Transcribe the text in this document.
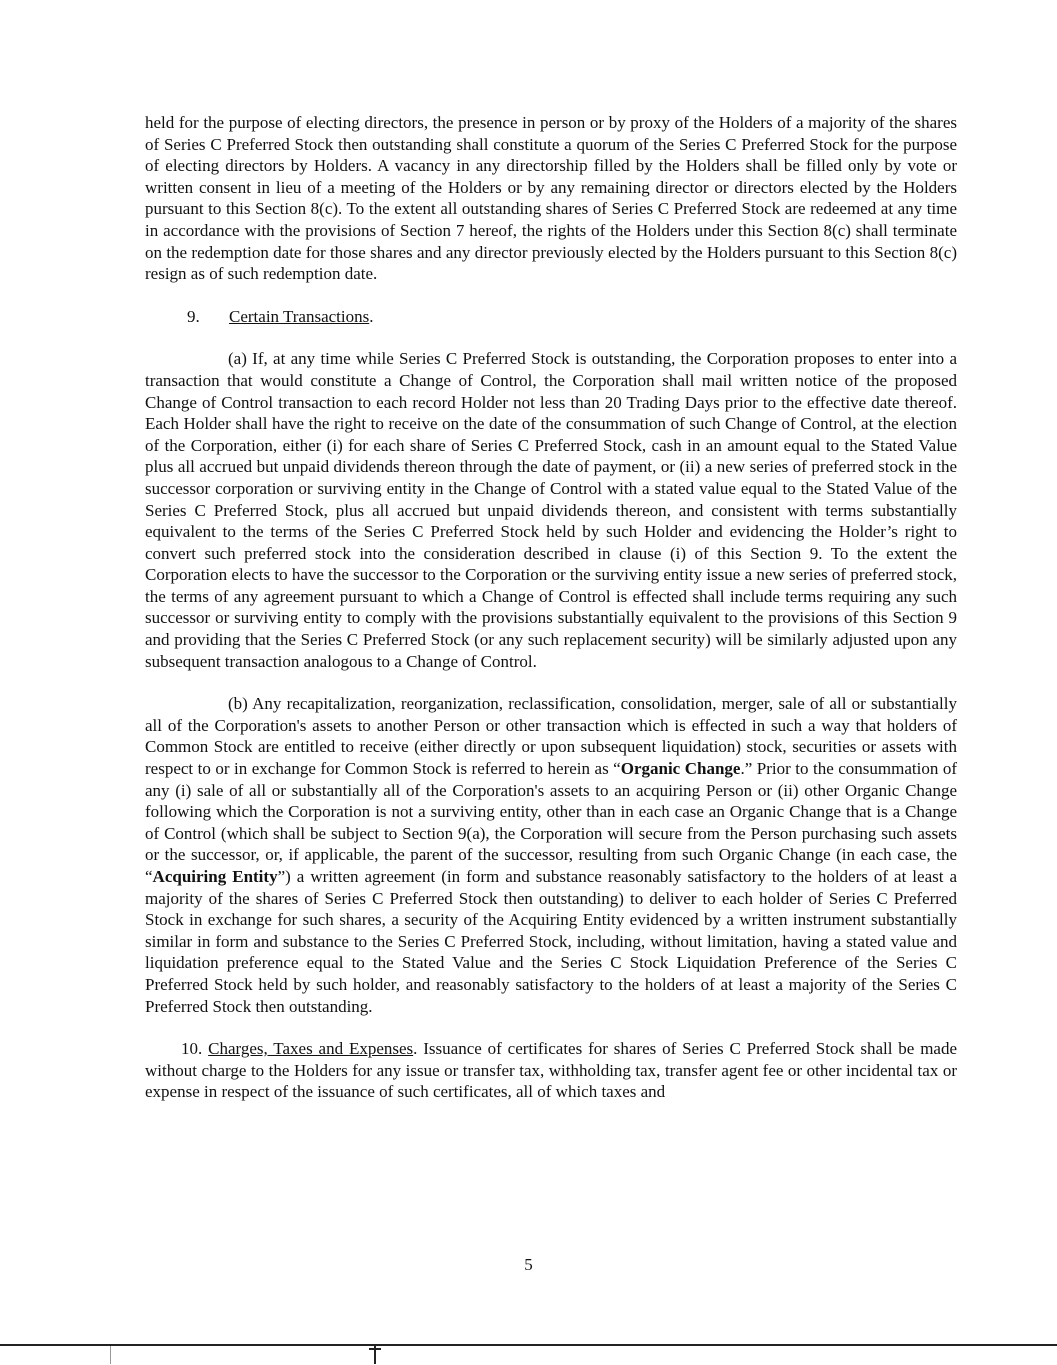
held for the purpose of electing directors, the presence in person or by proxy of the Holders of a majority of the shares of Series C Preferred Stock then outstanding shall constitute a quorum of the Series C Preferred Stock for the purpose of electing directors by Holders. A vacancy in any directorship filled by the Holders shall be filled only by vote or written consent in lieu of a meeting of the Holders or by any remaining director or directors elected by the Holders pursuant to this Section 8(c). To the extent all outstanding shares of Series C Preferred Stock are redeemed at any time in accordance with the provisions of Section 7 hereof, the rights of the Holders under this Section 8(c) shall terminate on the redemption date for those shares and any director previously elected by the Holders pursuant to this Section 8(c) resign as of such redemption date.

9. Certain Transactions.

(a) If, at any time while Series C Preferred Stock is outstanding, the Corporation proposes to enter into a transaction that would constitute a Change of Control, the Corporation shall mail written notice of the proposed Change of Control transaction to each record Holder not less than 20 Trading Days prior to the effective date thereof. Each Holder shall have the right to receive on the date of the consummation of such Change of Control, at the election of the Corporation, either (i) for each share of Series C Preferred Stock, cash in an amount equal to the Stated Value plus all accrued but unpaid dividends thereon through the date of payment, or (ii) a new series of preferred stock in the successor corporation or surviving entity in the Change of Control with a stated value equal to the Stated Value of the Series C Preferred Stock, plus all accrued but unpaid dividends thereon, and consistent with terms substantially equivalent to the terms of the Series C Preferred Stock held by such Holder and evidencing the Holder’s right to convert such preferred stock into the consideration described in clause (i) of this Section 9. To the extent the Corporation elects to have the successor to the Corporation or the surviving entity issue a new series of preferred stock, the terms of any agreement pursuant to which a Change of Control is effected shall include terms requiring any such successor or surviving entity to comply with the provisions substantially equivalent to the provisions of this Section 9 and providing that the Series C Preferred Stock (or any such replacement security) will be similarly adjusted upon any subsequent transaction analogous to a Change of Control.

(b) Any recapitalization, reorganization, reclassification, consolidation, merger, sale of all or substantially all of the Corporation's assets to another Person or other transaction which is effected in such a way that holders of Common Stock are entitled to receive (either directly or upon subsequent liquidation) stock, securities or assets with respect to or in exchange for Common Stock is referred to herein as “Organic Change.” Prior to the consummation of any (i) sale of all or substantially all of the Corporation's assets to an acquiring Person or (ii) other Organic Change following which the Corporation is not a surviving entity, other than in each case an Organic Change that is a Change of Control (which shall be subject to Section 9(a), the Corporation will secure from the Person purchasing such assets or the successor, or, if applicable, the parent of the successor, resulting from such Organic Change (in each case, the “Acquiring Entity”) a written agreement (in form and substance reasonably satisfactory to the holders of at least a majority of the shares of Series C Preferred Stock then outstanding) to deliver to each holder of Series C Preferred Stock in exchange for such shares, a security of the Acquiring Entity evidenced by a written instrument substantially similar in form and substance to the Series C Preferred Stock, including, without limitation, having a stated value and liquidation preference equal to the Stated Value and the Series C Stock Liquidation Preference of the Series C Preferred Stock held by such holder, and reasonably satisfactory to the holders of at least a majority of the Series C Preferred Stock then outstanding.

10. Charges, Taxes and Expenses. Issuance of certificates for shares of Series C Preferred Stock shall be made without charge to the Holders for any issue or transfer tax, withholding tax, transfer agent fee or other incidental tax or expense in respect of the issuance of such certificates, all of which taxes and

5
